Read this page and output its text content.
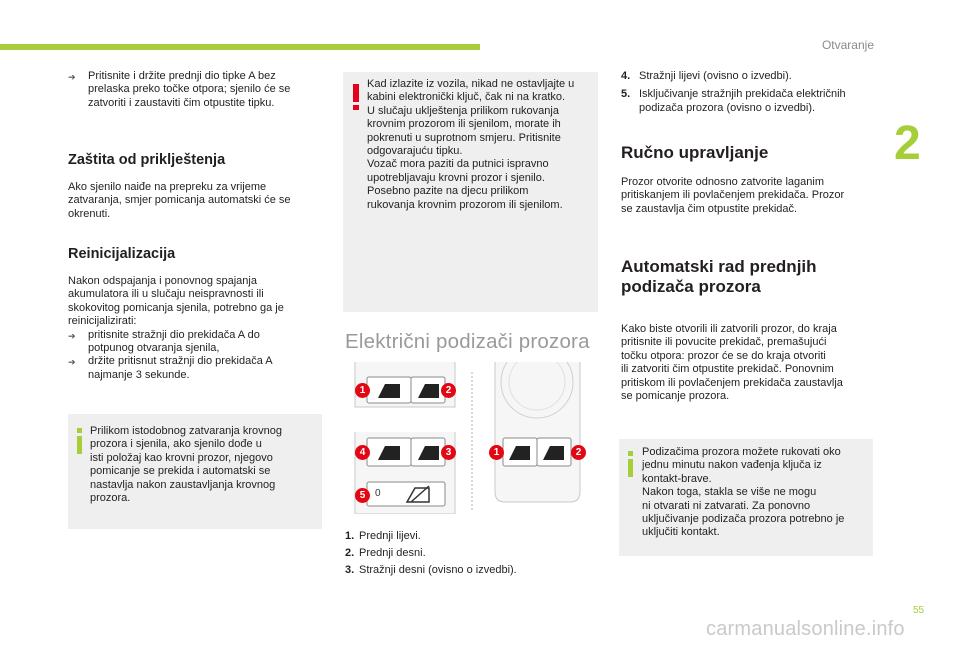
Otvaranje
2
➔	Pritisnite i držite prednji dio tipke A bez
prelaska preko točke otpora; sjenilo će se
zatvoriti i zaustaviti čim otpustite tipku.
Zaštita od priklještenja
Ako sjenilo naiđe na prepreku za vrijeme
zatvaranja, smjer pomicanja automatski će se
okrenuti.
Reinicijalizacija
Nakon odspajanja i ponovnog spajanja
akumulatora ili u slučaju neispravnosti ili
skokovitog pomicanja sjenila, potrebno ga je
reinicijalizirati:
➔	pritisnite stražnji dio prekidača A do
potpunog otvaranja sjenila,
➔	držite pritisnut stražnji dio prekidača A
najmanje 3 sekunde.
Prilikom istodobnog zatvaranja krovnog
prozora i sjenila, ako sjenilo dođe u
isti položaj kao krovni prozor, njegovo
pomicanje se prekida i automatski se
nastavlja nakon zaustavljanja krovnog
prozora.
Kad izlazite iz vozila, nikad ne ostavljajte u
kabini elektronički ključ, čak ni na kratko.
U slučaju uklještenja prilikom rukovanja
krovnim prozorom ili sjenilom, morate ih
pokrenuti u suprotnom smjeru. Pritisnite
odgovarajuću tipku.
Vozač mora paziti da putnici ispravno
upotrebljavaju krovni prozor i sjenilo.
Posebno pazite na djecu prilikom
rukovanja krovnim prozorom ili sjenilom.
Električni podizači prozora
1	2
4	3
5
1	2
0
1. Prednji lijevi.
2. Prednji desni.
3. Stražnji desni (ovisno o izvedbi).
4. Stražnji lijevi (ovisno o izvedbi).
5. Isključivanje stražnjih prekidača električnih
podizača prozora (ovisno o izvedbi).
Ručno upravljanje
Prozor otvorite odnosno zatvorite laganim
pritiskanjem ili povlačenjem prekidača. Prozor
se zaustavlja čim otpustite prekidač.
Automatski rad prednjih
podizača prozora
Kako biste otvorili ili zatvorili prozor, do kraja
pritisnite ili povucite prekidač, premašujući
točku otpora: prozor će se do kraja otvoriti
ili zatvoriti čim otpustite prekidač. Ponovnim
pritiskom ili povlačenjem prekidača zaustavlja
se pomicanje prozora.
Podizačima prozora možete rukovati oko
jednu minutu nakon vađenja ključa iz
kontakt-brave.
Nakon toga, stakla se više ne mogu
ni otvarati ni zatvarati. Za ponovno
uključivanje podizača prozora potrebno je
uključiti kontakt.
55
carmanualsonline.info
